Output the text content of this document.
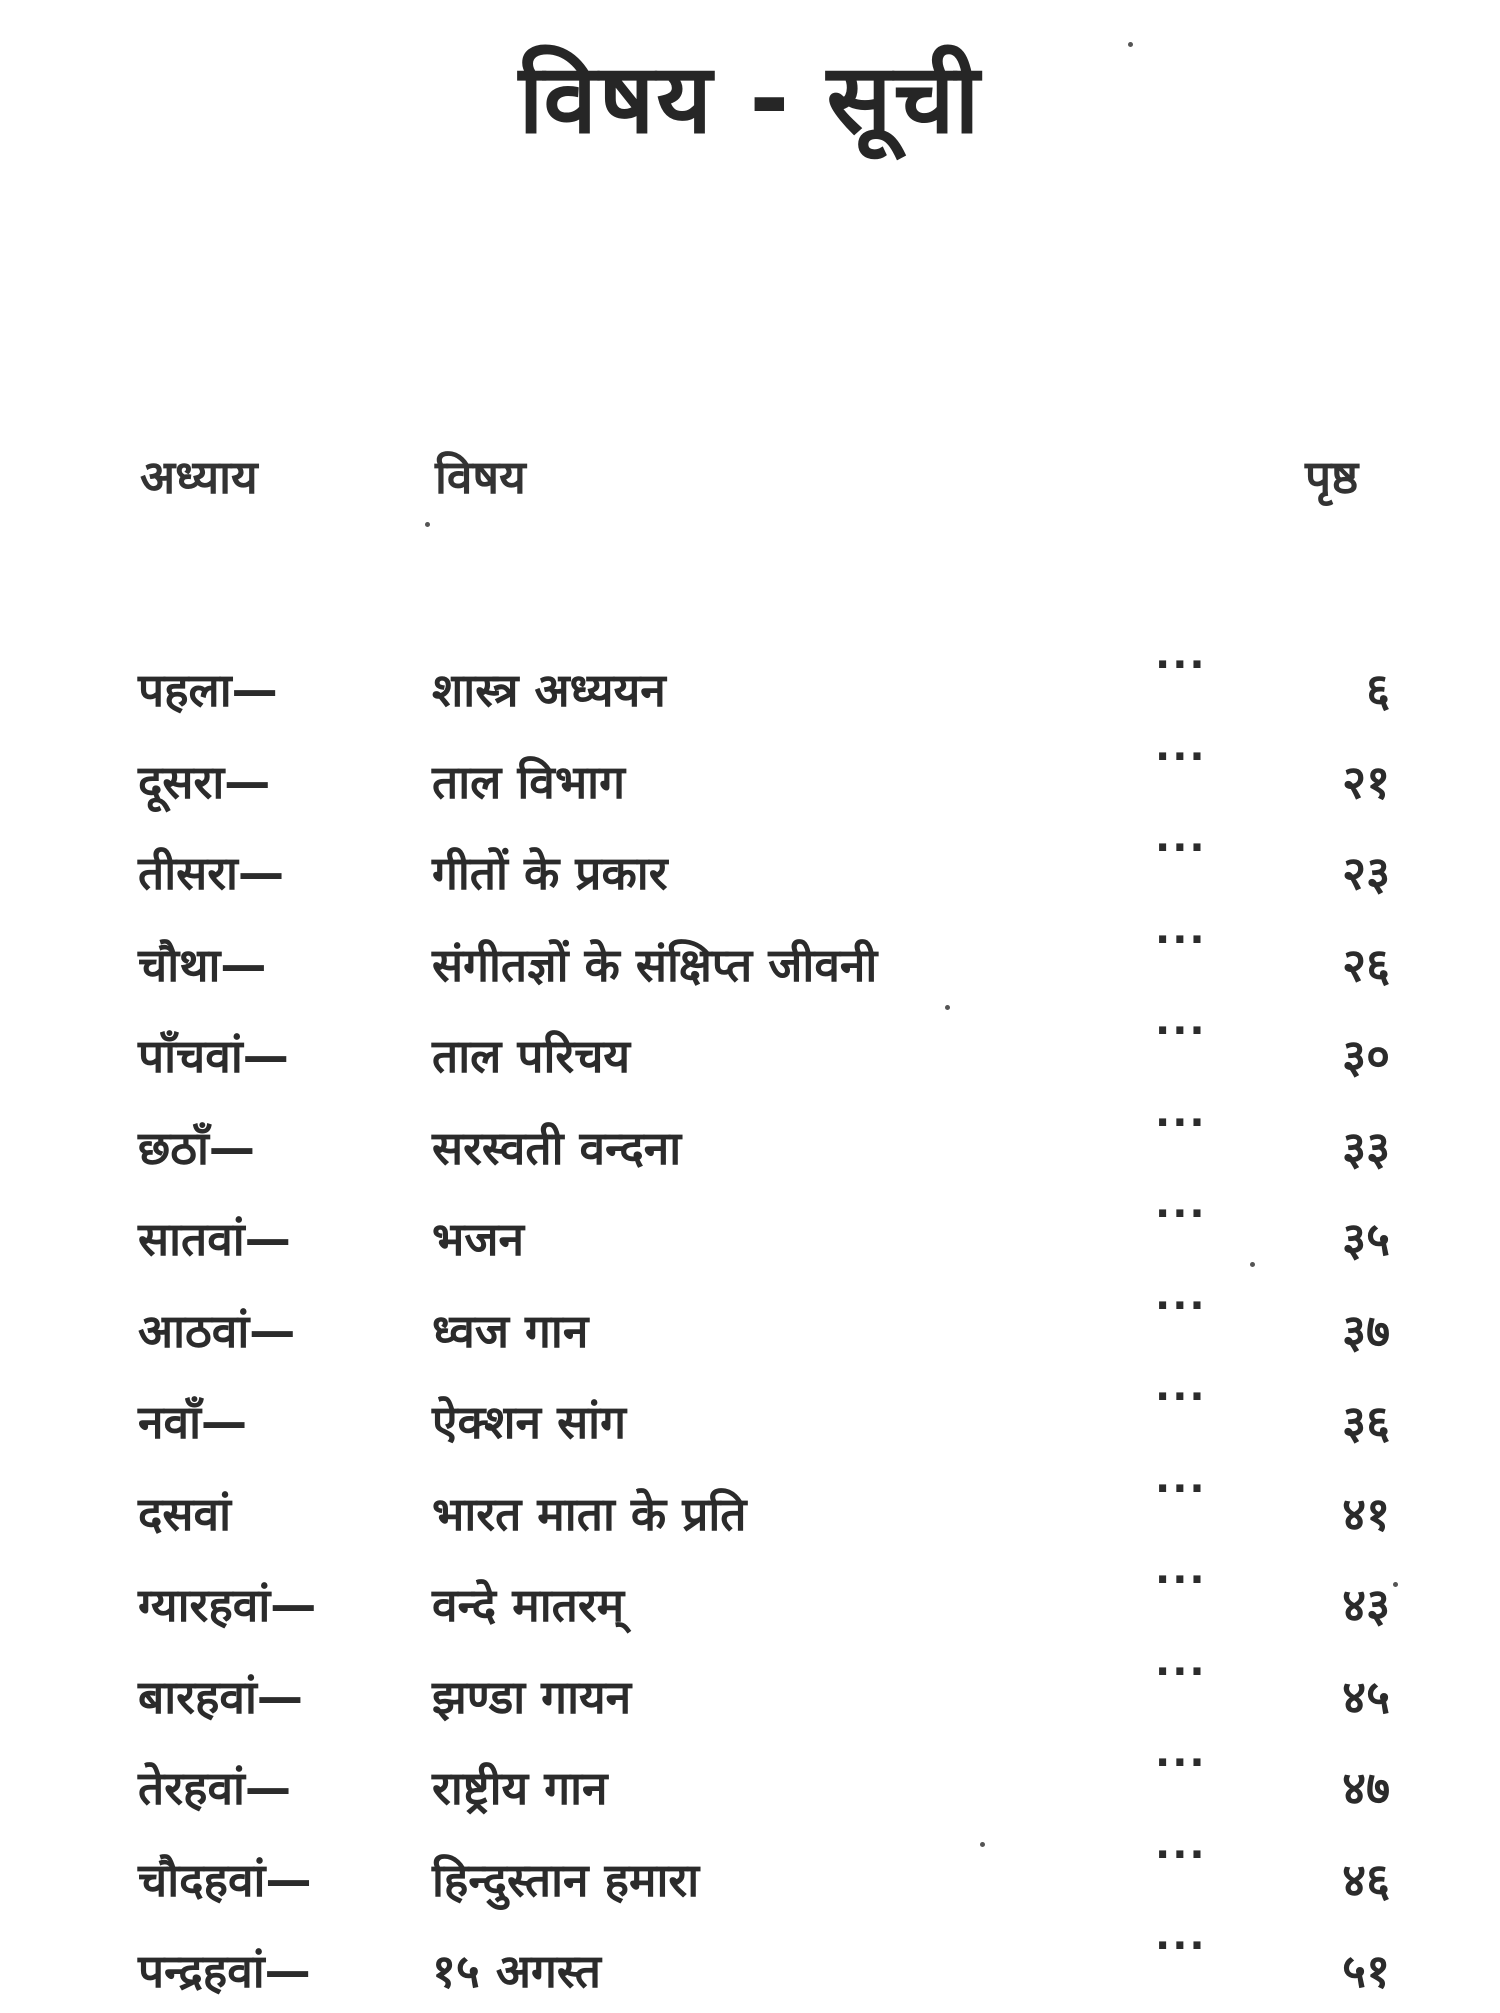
विषय - सूची
अध्याय	विषय	पृष्ठ
पहला—	शास्त्र अध्ययन	···	६
दूसरा—	ताल विभाग	···	२१
तीसरा—	गीतों के प्रकार	···	२३
चौथा—	संगीतज्ञों के संक्षिप्त जीवनी	···	२६
पाँचवां—	ताल परिचय	···	३०
छठाँ—	सरस्वती वन्दना	···	३३
सातवां—	भजन	···	३५
आठवां—	ध्वज गान	···	३७
नवाँ—	ऐक्शन सांग	···	३६
दसवां	भारत माता के प्रति	···	४१
ग्यारहवां—	वन्दे मातरम्	···	४३
बारहवां—	झण्डा गायन	···	४५
तेरहवां—	राष्ट्रीय गान	···	४७
चौदहवां—	हिन्दुस्तान हमारा	···	४६
पन्द्रहवां—	१५ अगस्त	···	५१
